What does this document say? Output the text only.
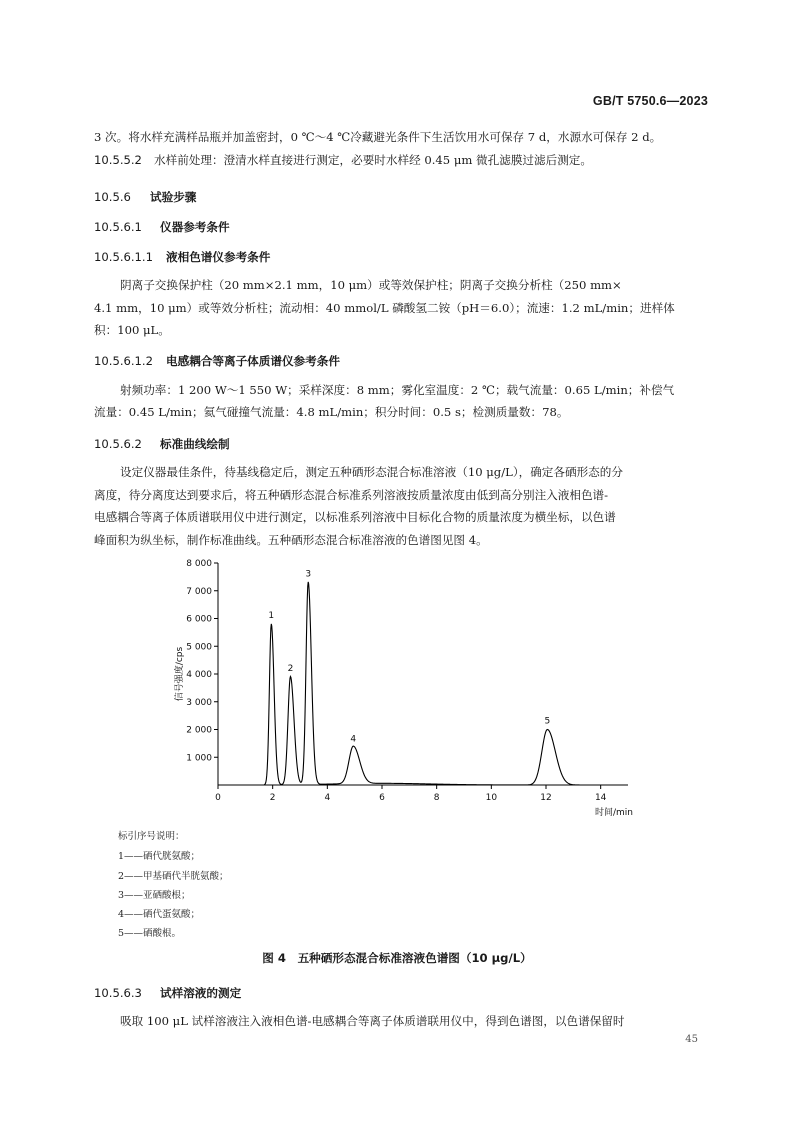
GB/T 5750.6—2023
3 次。将水样充满样品瓶并加盖密封，0 ℃～4 ℃冷藏避光条件下生活饮用水可保存 7 d，水源水可保存 2 d。
10.5.5.2 水样前处理：澄清水样直接进行测定，必要时水样经 0.45 μm 微孔滤膜过滤后测定。
10.5.6 试验步骤
10.5.6.1 仪器参考条件
10.5.6.1.1 液相色谱仪参考条件
阴离子交换保护柱（20 mm×2.1 mm，10 μm）或等效保护柱；阴离子交换分析柱（250 mm×
4.1 mm，10 μm）或等效分析柱；流动相：40 mmol/L 磷酸氢二铵（pH＝6.0）；流速：1.2 mL/min；进样体
积：100 μL。
10.5.6.1.2 电感耦合等离子体质谱仪参考条件
射频功率：1 200 W～1 550 W；采样深度：8 mm；雾化室温度：2 ℃；载气流量：0.65 L/min；补偿气
流量：0.45 L/min；氦气碰撞气流量：4.8 mL/min；积分时间：0.5 s；检测质量数：78。
10.5.6.2 标准曲线绘制
设定仪器最佳条件，待基线稳定后，测定五种硒形态混合标准溶液（10 μg/L），确定各硒形态的分
离度，待分离度达到要求后，将五种硒形态混合标准系列溶液按质量浓度由低到高分别注入液相色谱-
电感耦合等离子体质谱联用仪中进行测定，以标准系列溶液中目标化合物的质量浓度为横坐标，以色谱
峰面积为纵坐标，制作标准曲线。五种硒形态混合标准溶液的色谱图见图 4。
1 000
2 000
3 000
4 000
5 000
6 000
7 000
8 000
0	2	4	6	8	10	12	14
信号强度/cps
时间/min
1
2
3
4
5
标引序号说明：
1——硒代胱氨酸；
2——甲基硒代半胱氨酸；
3——亚硒酸根；
4——硒代蛋氨酸；
5——硒酸根。
图 4　五种硒形态混合标准溶液色谱图（10 μg/L）
10.5.6.3 试样溶液的测定
吸取 100 μL 试样溶液注入液相色谱-电感耦合等离子体质谱联用仪中，得到色谱图，以色谱保留时
45
